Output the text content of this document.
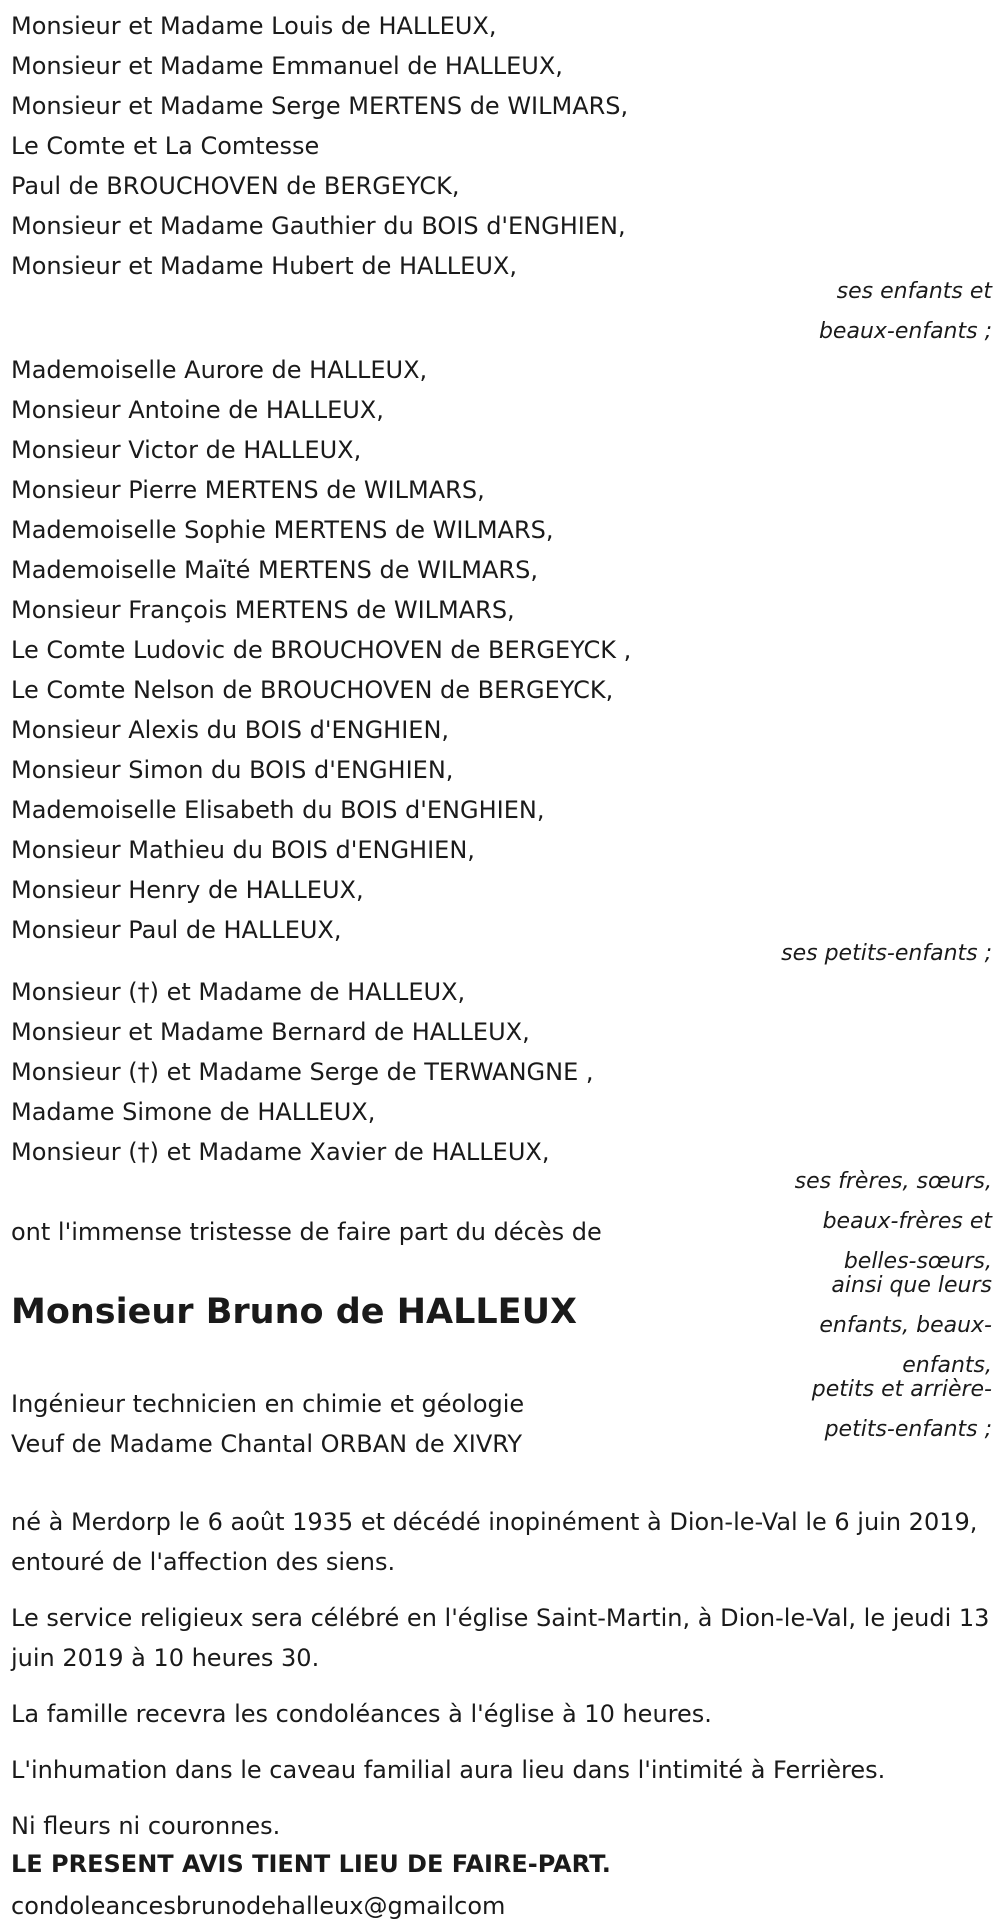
Monsieur et Madame Louis de HALLEUX,
Monsieur et Madame Emmanuel de HALLEUX,
Monsieur et Madame Serge MERTENS de WILMARS,
Le Comte et La Comtesse
Paul de BROUCHOVEN de BERGEYCK,
Monsieur et Madame Gauthier du BOIS d'ENGHIEN,
Monsieur et Madame Hubert de HALLEUX,
ses enfants et
beaux-enfants ;
Mademoiselle Aurore de HALLEUX,
Monsieur Antoine de HALLEUX,
Monsieur Victor de HALLEUX,
Monsieur Pierre MERTENS de WILMARS,
Mademoiselle Sophie MERTENS de WILMARS,
Mademoiselle Maïté MERTENS de WILMARS,
Monsieur François MERTENS de WILMARS,
Le Comte Ludovic de BROUCHOVEN de BERGEYCK ,
Le Comte Nelson de BROUCHOVEN de BERGEYCK,
Monsieur Alexis du BOIS d'ENGHIEN,
Monsieur Simon du BOIS d'ENGHIEN,
Mademoiselle Elisabeth du BOIS d'ENGHIEN,
Monsieur Mathieu du BOIS d'ENGHIEN,
Monsieur Henry de HALLEUX,
Monsieur Paul de HALLEUX,
ses petits-enfants ;
Monsieur (†) et Madame de HALLEUX,
Monsieur et Madame Bernard de HALLEUX,
Monsieur (†) et Madame Serge de TERWANGNE ,
Madame Simone de HALLEUX,
Monsieur (†) et Madame Xavier de HALLEUX,
ses frères, sœurs,
beaux-frères et
belles-sœurs,
ainsi que leurs
enfants, beaux-
enfants,
petits et arrière-
petits-enfants ;
ont l'immense tristesse de faire part du décès de
Monsieur Bruno de HALLEUX
Ingénieur technicien en chimie et géologie
Veuf de Madame Chantal ORBAN de XIVRY
né à Merdorp le 6 août 1935 et décédé inopinément à Dion-le-Val le 6 juin 2019, entouré de l'affection des siens.
Le service religieux sera célébré en l'église Saint-Martin, à Dion-le-Val, le jeudi 13 juin 2019 à 10 heures 30.
La famille recevra les condoléances à l'église à 10 heures.
L'inhumation dans le caveau familial aura lieu dans l'intimité à Ferrières.
Ni fleurs ni couronnes.
LE PRESENT AVIS TIENT LIEU DE FAIRE-PART.
condoleancesbrunodehalleux@gmailcom
